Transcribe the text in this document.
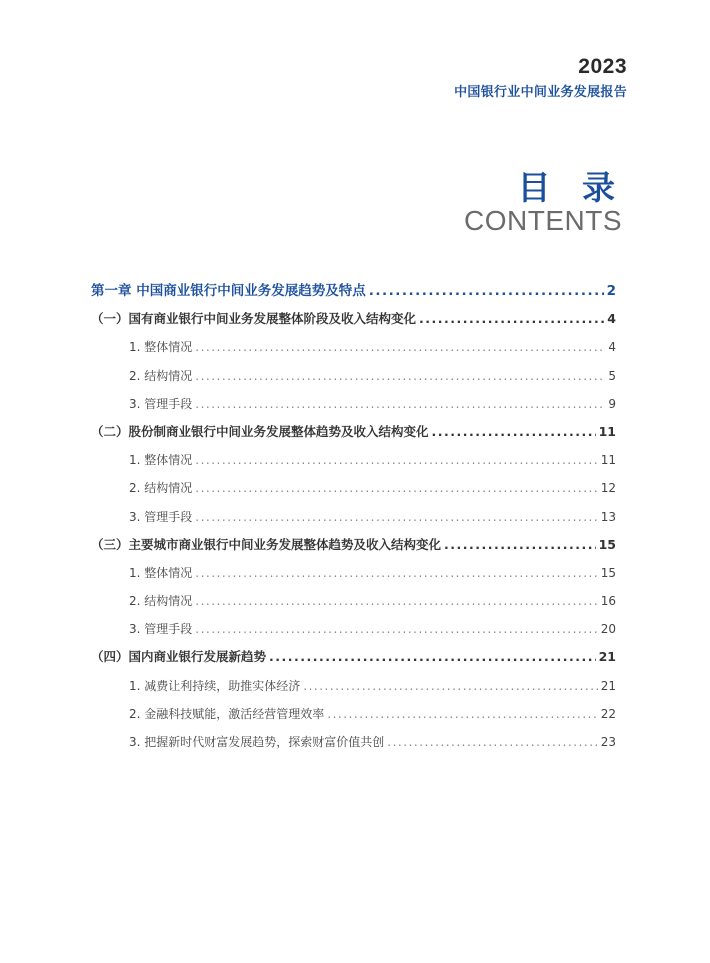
2023
中国银行业中间业务发展报告
目 录
CONTENTS
第一章 中国商业银行中间业务发展趋势及特点 .....	2
（一）国有商业银行中间业务发展整体阶段及收入结构变化 .....	4
1. 整体情况 .....	4
2. 结构情况 .....	5
3. 管理手段 .....	9
（二）股份制商业银行中间业务发展整体趋势及收入结构变化 .....	11
1. 整体情况 .....	11
2. 结构情况 .....	12
3. 管理手段 .....	13
（三）主要城市商业银行中间业务发展整体趋势及收入结构变化 .....	15
1. 整体情况 .....	15
2. 结构情况 .....	16
3. 管理手段 .....	20
（四）国内商业银行发展新趋势 .....	21
1. 减费让利持续，助推实体经济 .....	21
2. 金融科技赋能，激活经营管理效率 .....	22
3. 把握新时代财富发展趋势，探索财富价值共创 .....	23
